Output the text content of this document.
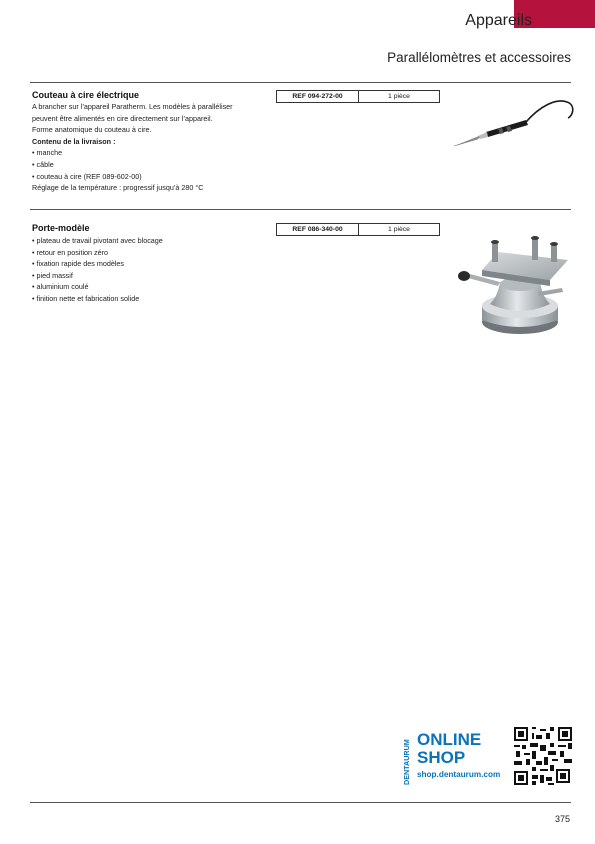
Appareils
Parallélomètres et accessoires
Couteau à cire électrique
A brancher sur l’appareil Paratherm. Les modèles à paralléliser
peuvent être alimentés en cire directement sur l’appareil.
Forme anatomique du couteau à cire.
Contenu de la livraison :
• manche
• câble
• couteau à cire (REF 089-602-00)
Réglage de la température : progressif jusqu’à 280 °C
REF 094-272-00	1 pièce
Porte-modèle
• plateau de travail pivotant avec blocage
• retour en position zéro
• fixation rapide des modèles
• pied massif
• aluminium coulé
• finition nette et fabrication solide
REF 086-340-00	1 pièce
DENTAURUM ONLINE
SHOP
shop.dentaurum.com
375
